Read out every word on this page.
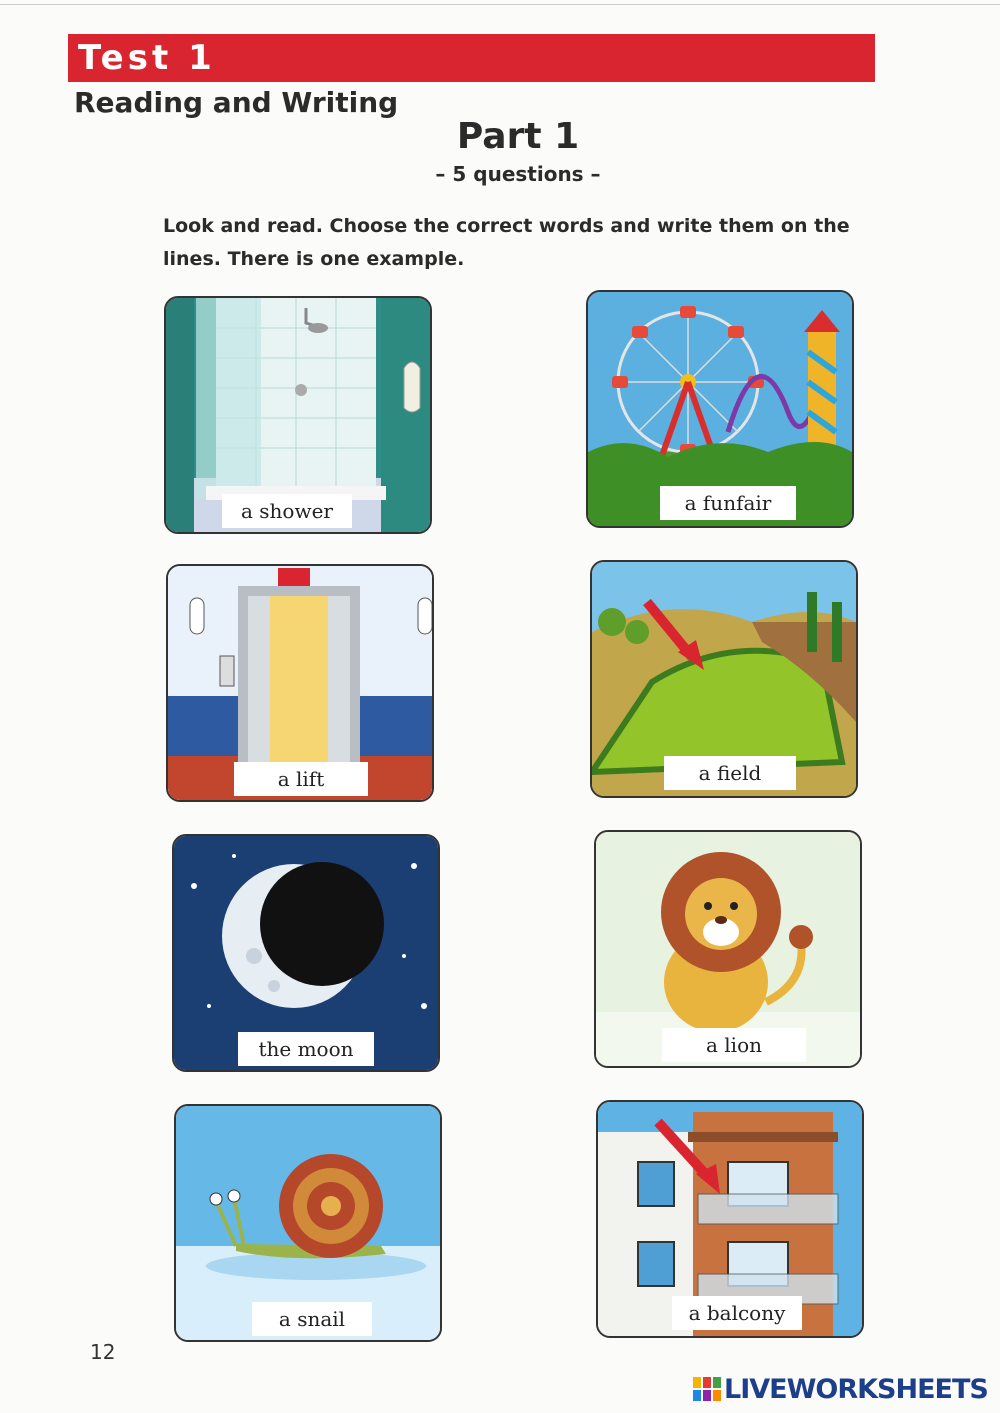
Test 1
Reading and Writing
Part 1
– 5 questions –
Look and read. Choose the correct words and write them on the lines. There is one example.
a shower	a funfair
a lift	a field
the moon	a lion
a snail	a balcony
12
LIVEWORKSHEETS
